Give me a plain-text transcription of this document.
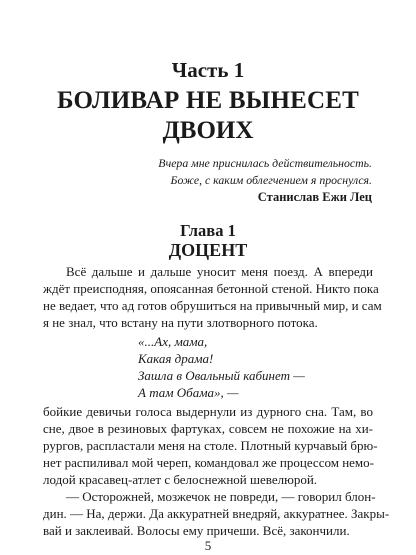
Часть 1
БОЛИВАР НЕ ВЫНЕСЕТ
ДВОИХ
Вчера мне приснилась действительность.
Боже, с каким облегчением я проснулся.
Станислав Ежи Лец
Глава 1
ДОЦЕНТ
Всё дальше и дальше уносит меня поезд. А впереди
ждёт преисподняя, опоясанная бетонной стеной. Никто пока
не ведает, что ад готов обрушиться на привычный мир, и сам
я не знал, что встану на пути злотворного потока.
«...Ах, мама,
Какая драма!
Зашла в Овальный кабинет —
А там Обама», —
бойкие девичьи голоса выдернули из дурного сна. Там, во
сне, двое в резиновых фартуках, совсем не похожие на хи-
рургов, распластали меня на столе. Плотный курчавый брю-
нет распиливал мой череп, командовал же процессом немо-
лодой красавец-атлет с белоснежной шевелюрой.
— Осторожней, мозжечок не повреди, — говорил блон-
дин. — На, держи. Да аккуратней внедряй, аккуратнее. Закры-
вай и заклеивай. Волосы ему причеши. Всё, закончили.
5
